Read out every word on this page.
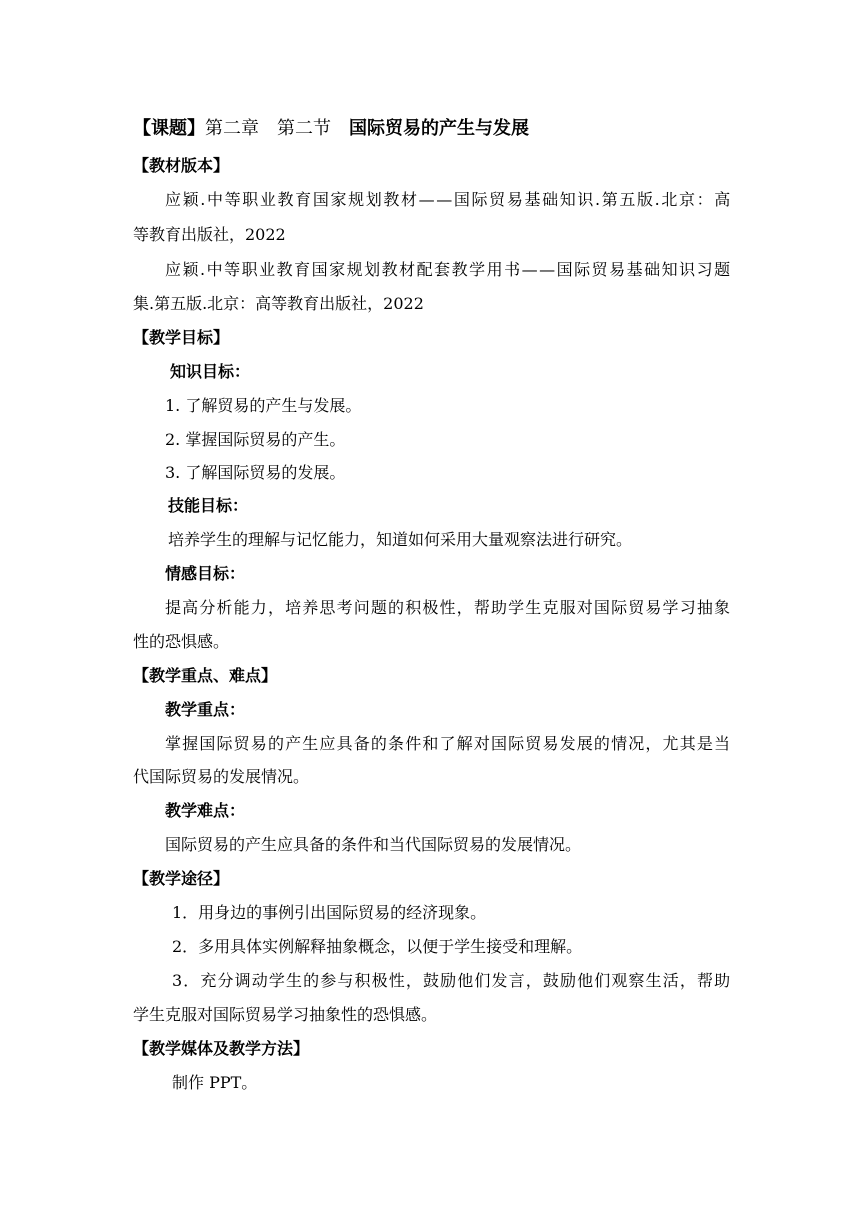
【课题】第二章　第二节　国际贸易的产生与发展
【教材版本】
应颖.中等职业教育国家规划教材——国际贸易基础知识.第五版.北京：高
等教育出版社，2022
应颖.中等职业教育国家规划教材配套教学用书——国际贸易基础知识习题
集.第五版.北京：高等教育出版社，2022
【教学目标】
知识目标：
1. 了解贸易的产生与发展。
2. 掌握国际贸易的产生。
3. 了解国际贸易的发展。
技能目标：
培养学生的理解与记忆能力，知道如何采用大量观察法进行研究。
情感目标：
提高分析能力，培养思考问题的积极性，帮助学生克服对国际贸易学习抽象
性的恐惧感。
【教学重点、难点】
教学重点：
掌握国际贸易的产生应具备的条件和了解对国际贸易发展的情况，尤其是当
代国际贸易的发展情况。
教学难点：
国际贸易的产生应具备的条件和当代国际贸易的发展情况。
【教学途径】
1．用身边的事例引出国际贸易的经济现象。
2．多用具体实例解释抽象概念，以便于学生接受和理解。
3．充分调动学生的参与积极性，鼓励他们发言，鼓励他们观察生活，帮助
学生克服对国际贸易学习抽象性的恐惧感。
【教学媒体及教学方法】
制作 PPT。
